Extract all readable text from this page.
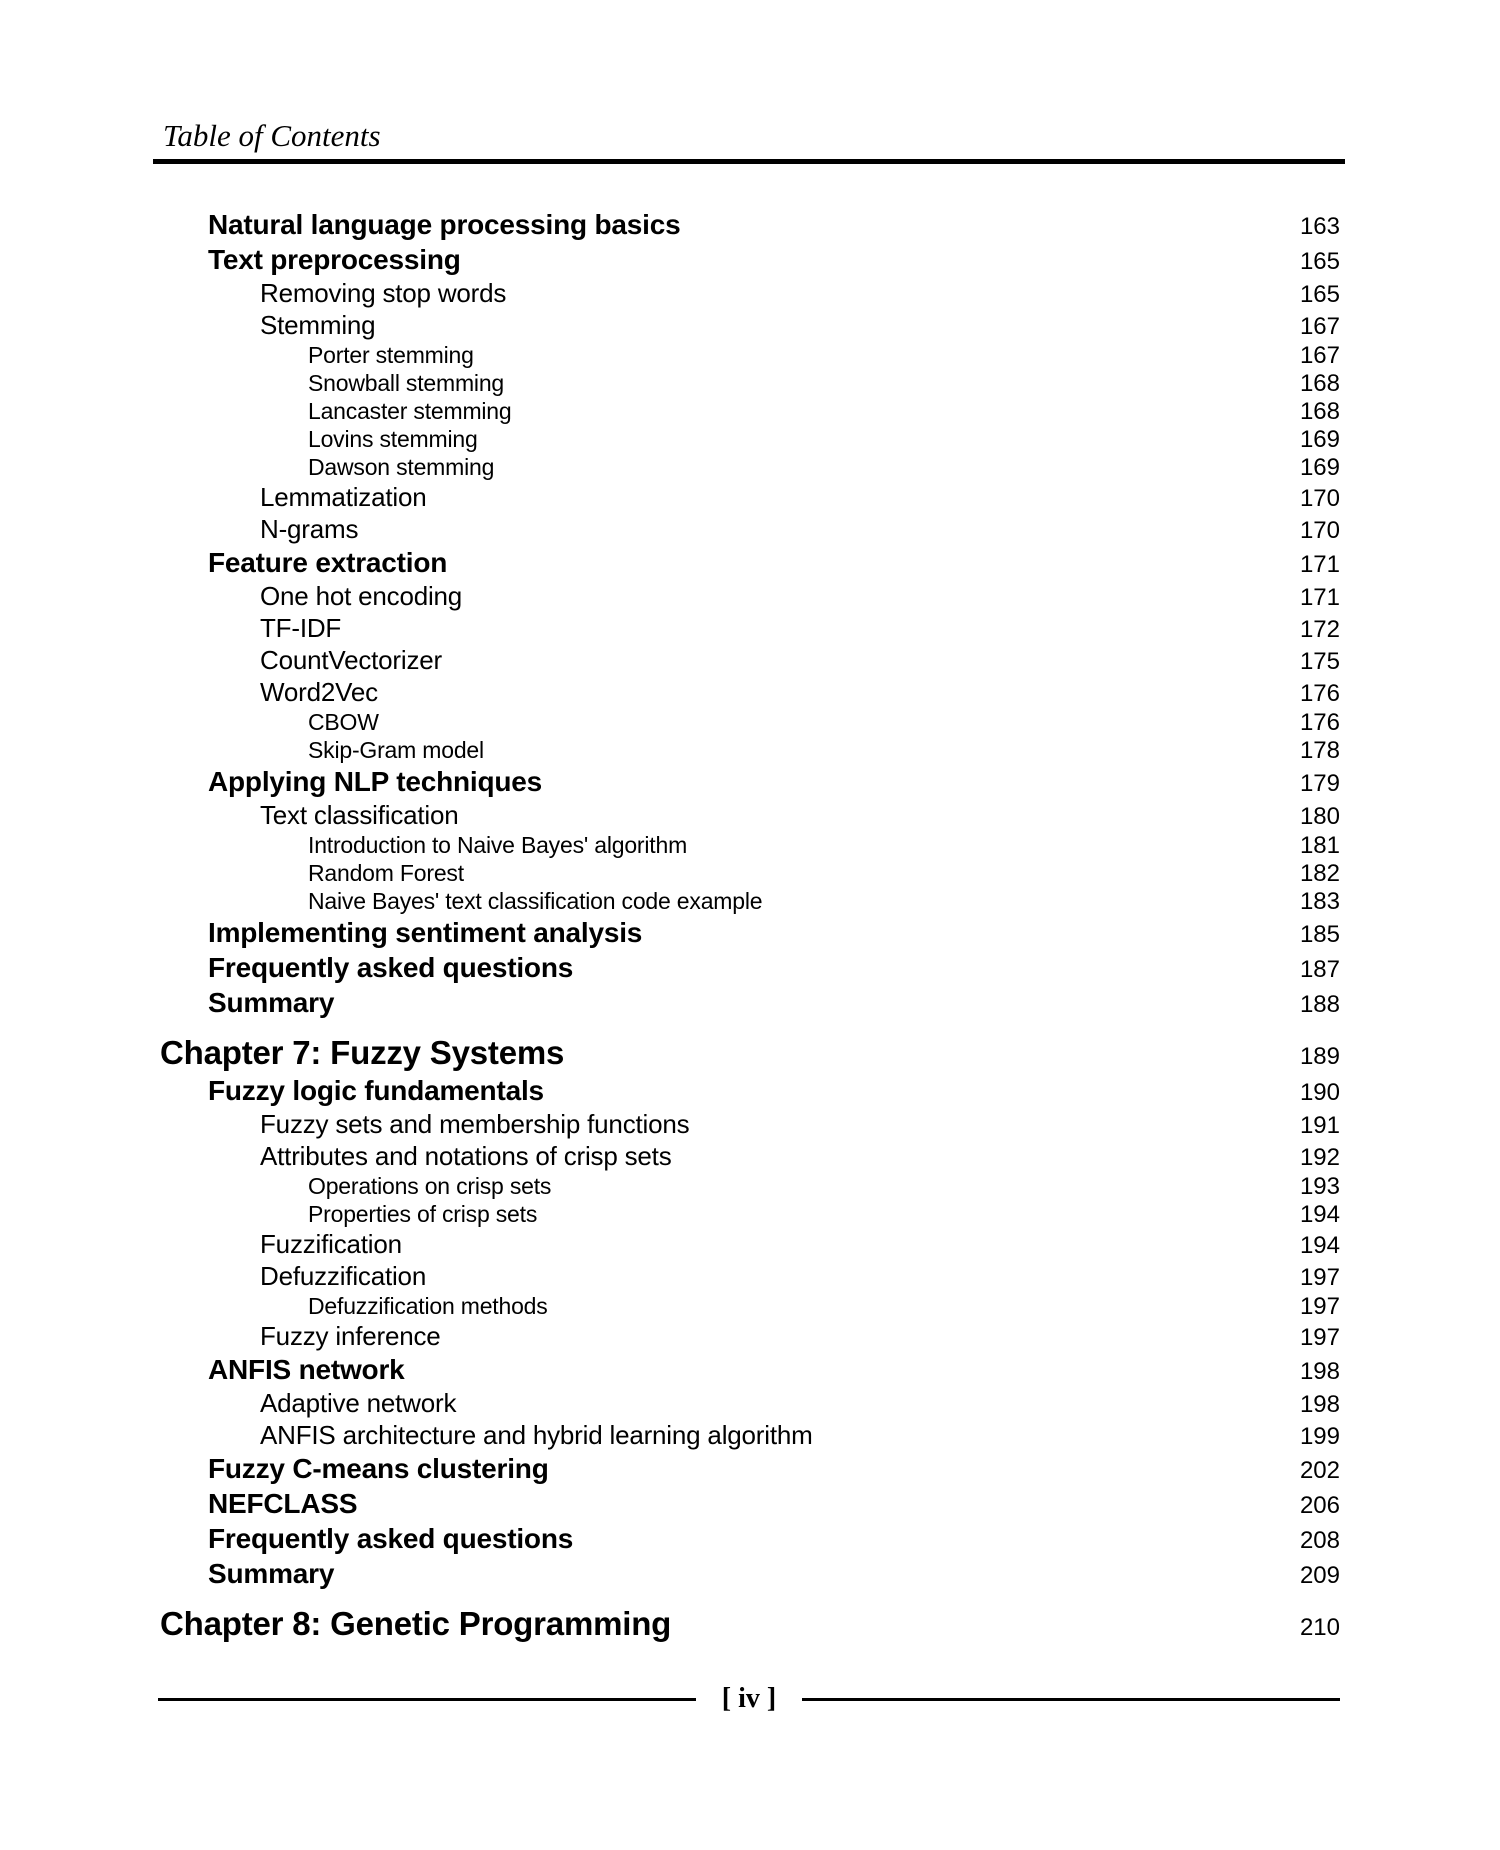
Table of Contents
Natural language processing basics	163
Text preprocessing	165
Removing stop words	165
Stemming	167
Porter stemming	167
Snowball stemming	168
Lancaster stemming	168
Lovins stemming	169
Dawson stemming	169
Lemmatization	170
N-grams	170
Feature extraction	171
One hot encoding	171
TF-IDF	172
CountVectorizer	175
Word2Vec	176
CBOW	176
Skip-Gram model	178
Applying NLP techniques	179
Text classification	180
Introduction to Naive Bayes' algorithm	181
Random Forest	182
Naive Bayes' text classification code example	183
Implementing sentiment analysis	185
Frequently asked questions	187
Summary	188
Chapter 7: Fuzzy Systems	189
Fuzzy logic fundamentals	190
Fuzzy sets and membership functions	191
Attributes and notations of crisp sets	192
Operations on crisp sets	193
Properties of crisp sets	194
Fuzzification	194
Defuzzification	197
Defuzzification methods	197
Fuzzy inference	197
ANFIS network	198
Adaptive network	198
ANFIS architecture and hybrid learning algorithm	199
Fuzzy C-means clustering	202
NEFCLASS	206
Frequently asked questions	208
Summary	209
Chapter 8: Genetic Programming	210
[ iv ]
